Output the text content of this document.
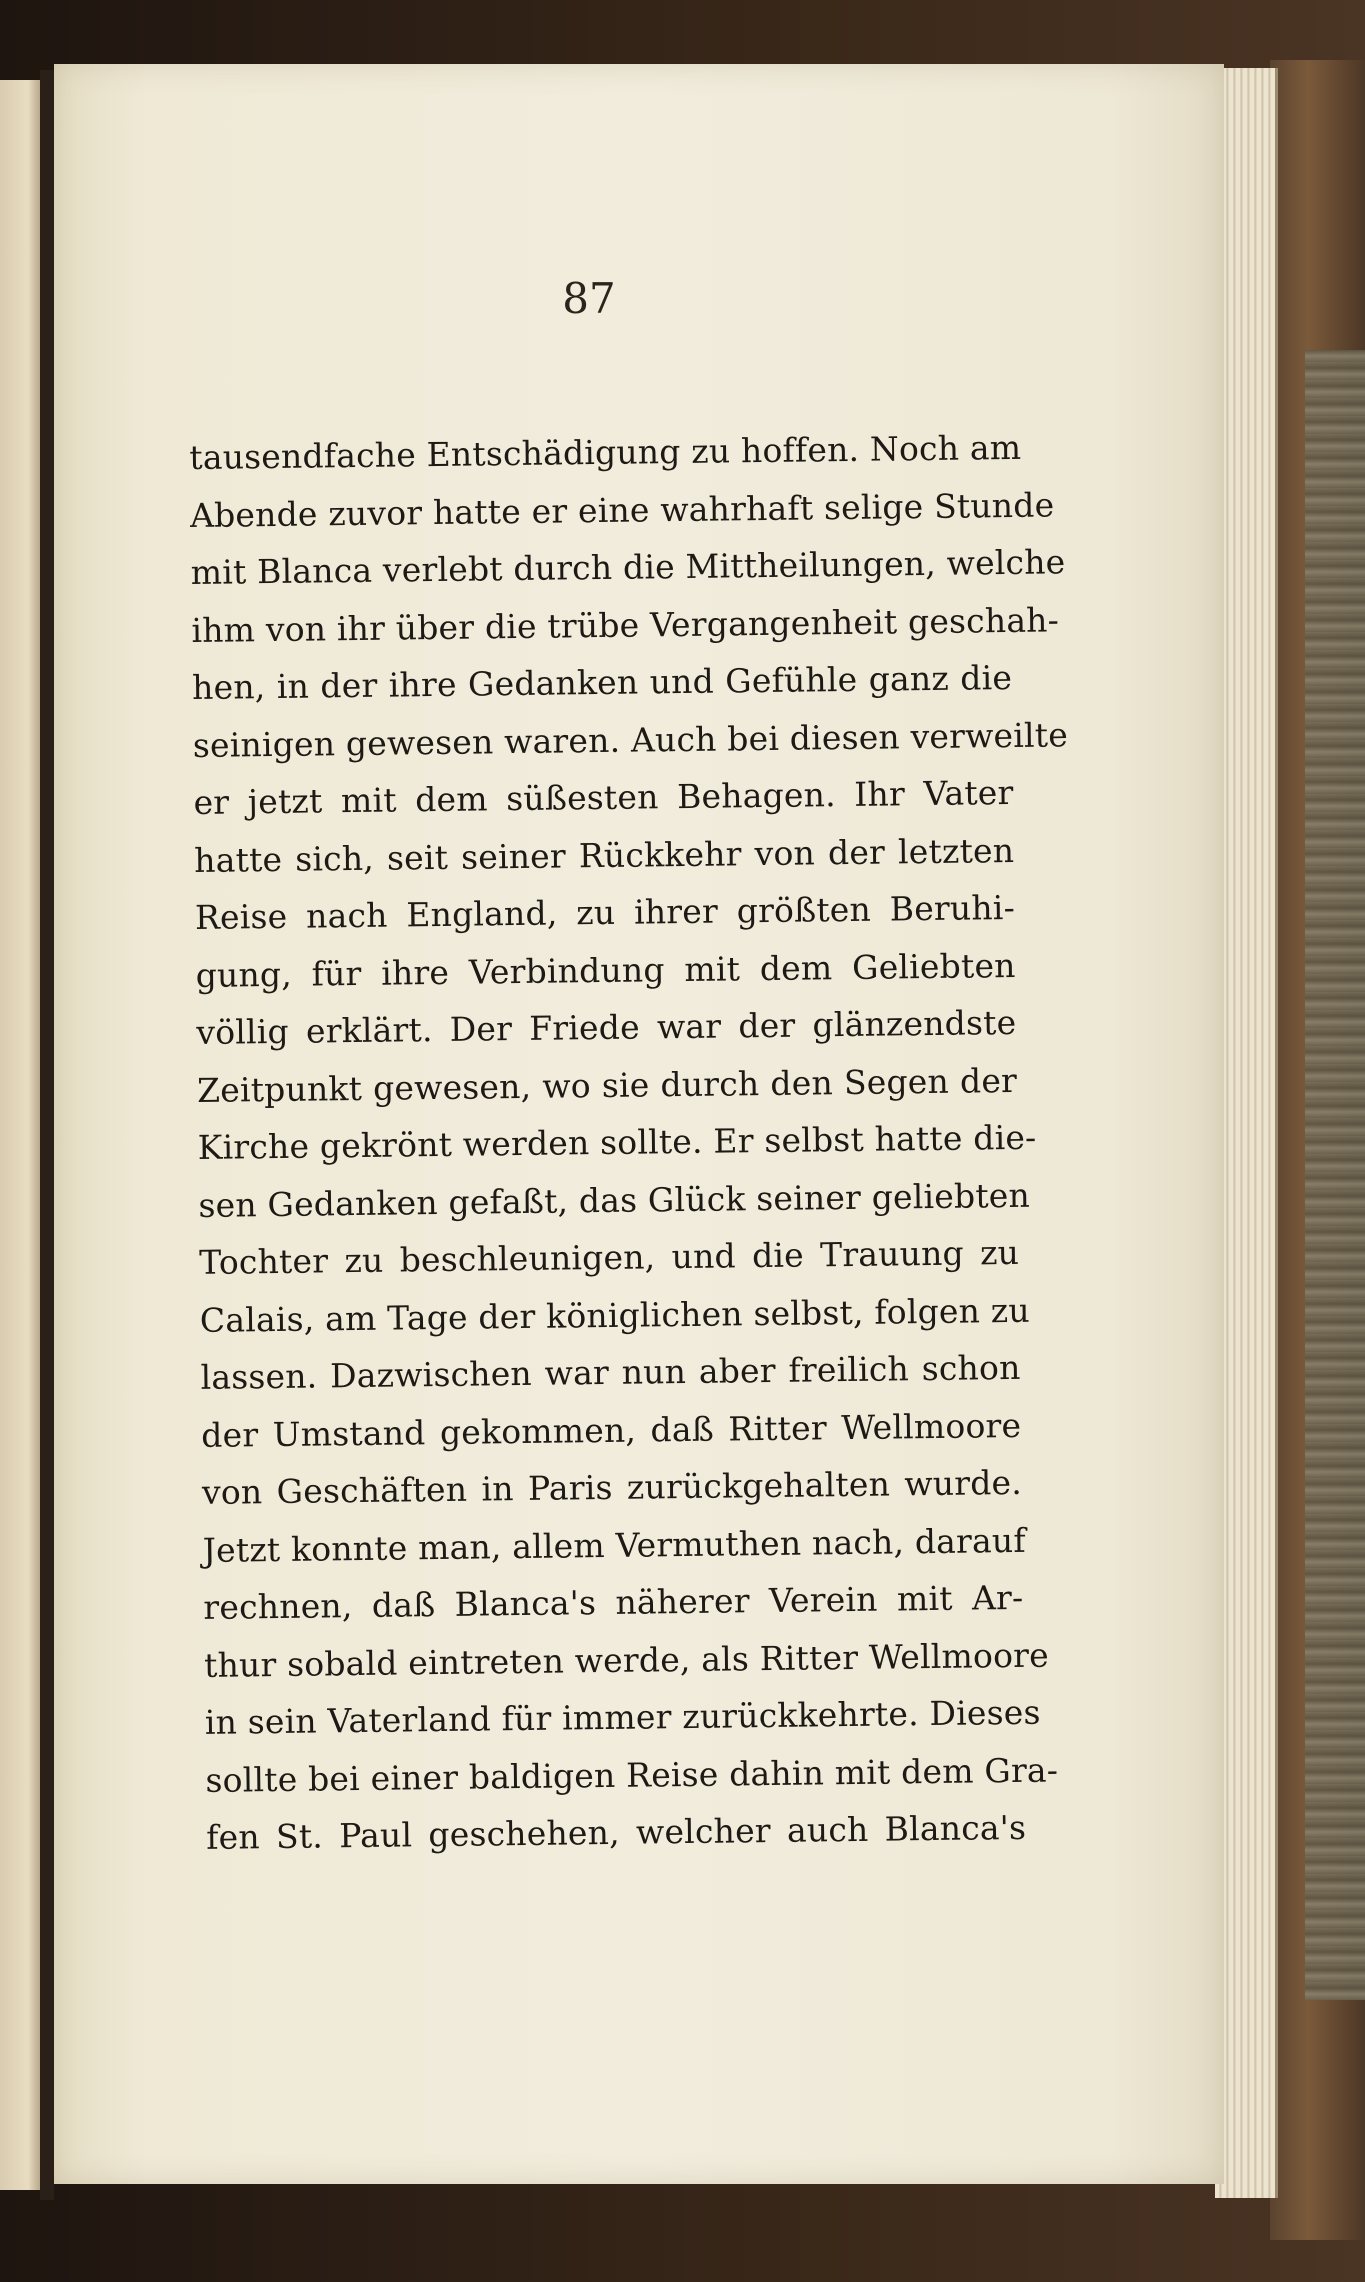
87
tausendfache Entschädigung zu hoffen. Noch am
Abende zuvor hatte er eine wahrhaft selige Stunde
mit Blanca verlebt durch die Mittheilungen, welche
ihm von ihr über die trübe Vergangenheit geschah-
hen, in der ihre Gedanken und Gefühle ganz die
seinigen gewesen waren. Auch bei diesen verweilte
er jetzt mit dem süßesten Behagen. Ihr Vater
hatte sich, seit seiner Rückkehr von der letzten
Reise nach England, zu ihrer größten Beruhi-
gung, für ihre Verbindung mit dem Geliebten
völlig erklärt. Der Friede war der glänzendste
Zeitpunkt gewesen, wo sie durch den Segen der
Kirche gekrönt werden sollte. Er selbst hatte die-
sen Gedanken gefaßt, das Glück seiner geliebten
Tochter zu beschleunigen, und die Trauung zu
Calais, am Tage der königlichen selbst, folgen zu
lassen. Dazwischen war nun aber freilich schon
der Umstand gekommen, daß Ritter Wellmoore
von Geschäften in Paris zurückgehalten wurde.
Jetzt konnte man, allem Vermuthen nach, darauf
rechnen, daß Blanca's näherer Verein mit Ar-
thur sobald eintreten werde, als Ritter Wellmoore
in sein Vaterland für immer zurückkehrte. Dieses
sollte bei einer baldigen Reise dahin mit dem Gra-
fen St. Paul geschehen, welcher auch Blanca's
